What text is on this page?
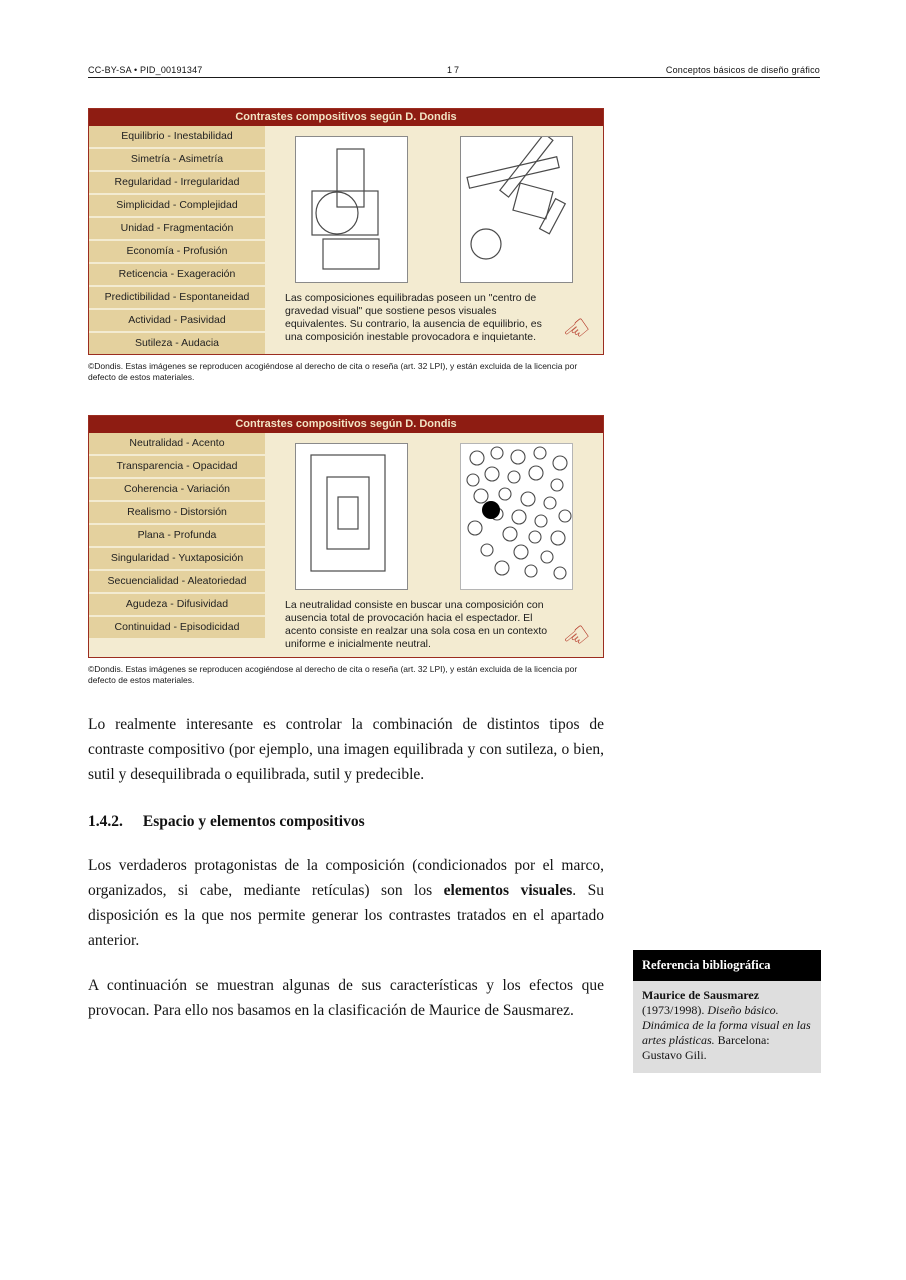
CC-BY-SA • PID_00191347	17	Conceptos básicos de diseño gráfico
Contrastes compositivos según D. Dondis
Equilibrio - Inestabilidad
Simetría - Asimetría
Regularidad - Irregularidad
Simplicidad - Complejidad
Unidad - Fragmentación
Economía - Profusión
Reticencia - Exageración
Predictibilidad - Espontaneidad
Actividad - Pasividad
Sutileza - Audacia

Las composiciones equilibradas poseen un "centro de gravedad visual" que sostiene pesos visuales equivalentes. Su contrario, la ausencia de equilibrio, es una composición inestable provocadora e inquietante. ☜

©Dondis. Estas imágenes se reproducen acogiéndose al derecho de cita o reseña (art. 32 LPI), y están excluida de la licencia por defecto de estos materiales.

Contrastes compositivos según D. Dondis
Neutralidad - Acento
Transparencia - Opacidad
Coherencia - Variación
Realismo - Distorsión
Plana - Profunda
Singularidad - Yuxtaposición
Secuencialidad - Aleatoriedad
Agudeza - Difusividad
Continuidad - Episodicidad

La neutralidad consiste en buscar una composición con ausencia total de provocación hacia el espectador. El acento consiste en realzar una sola cosa en un contexto uniforme e inicialmente neutral.	☜

©Dondis. Estas imágenes se reproducen acogiéndose al derecho de cita o reseña (art. 32 LPI), y están excluida de la licencia por defecto de estos materiales.

Lo realmente interesante es controlar la combinación de distintos tipos de contraste compositivo (por ejemplo, una imagen equilibrada y con sutileza, o bien, sutil y desequilibrada o equilibrada, sutil y predecible.

1.4.2. Espacio y elementos compositivos

Los verdaderos protagonistas de la composición (condicionados por el marco, organizados, si cabe, mediante retículas) son los elementos visuales. Su disposición es la que nos permite generar los contrastes tratados en el apartado anterior.

A continuación se muestran algunas de sus características y los efectos que provocan. Para ello nos basamos en la clasificación de Maurice de Sausmarez.

Referencia bibliográfica
Maurice de Sausmarez
(1973/1998). Diseño básico. Dinámica de la forma visual en las artes plásticas. Barcelona: Gustavo Gili.
